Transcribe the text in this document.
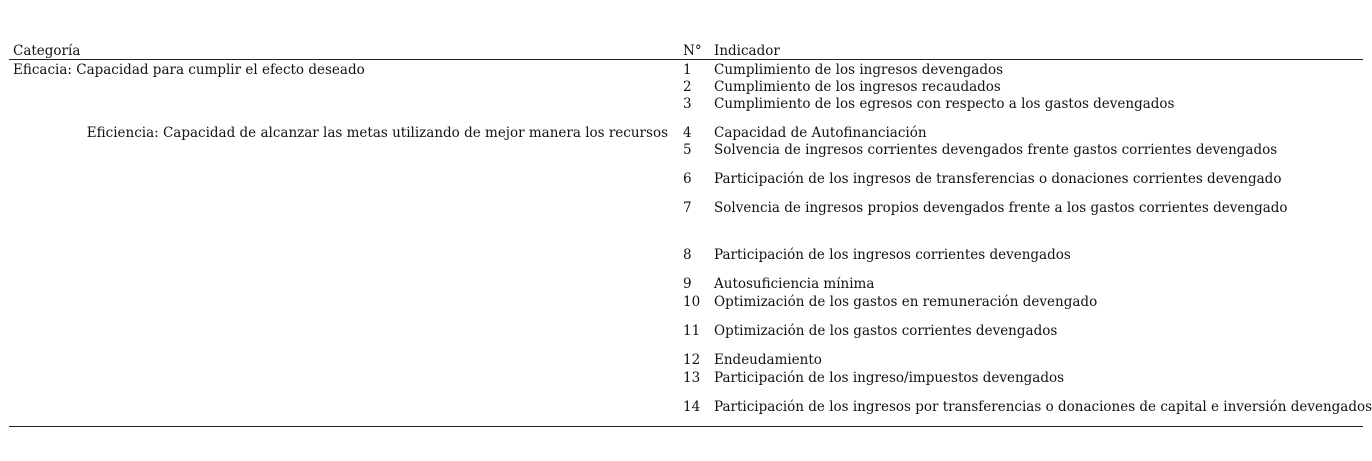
Categoría	N° Indicador
Eficacia: Capacidad para cumplir el efecto deseado
Eficiencia: Capacidad de alcanzar las metas utilizando de mejor manera los recursos
1 Cumplimiento de los ingresos devengados
2 Cumplimiento de los ingresos recaudados
3 Cumplimiento de los egresos con respecto a los gastos devengados
4 Capacidad de Autofinanciación
5 Solvencia de ingresos corrientes devengados frente gastos corrientes devengados
6 Participación de los ingresos de transferencias o donaciones corrientes devengado
7 Solvencia de ingresos propios devengados frente a los gastos corrientes devengado
8 Participación de los ingresos corrientes devengados
9 Autosuficiencia mínima
10 Optimización de los gastos en remuneración devengado
11 Optimización de los gastos corrientes devengados
12 Endeudamiento
13 Participación de los ingreso/impuestos devengados
14 Participación de los ingresos por transferencias o donaciones de capital e inversión devengados
